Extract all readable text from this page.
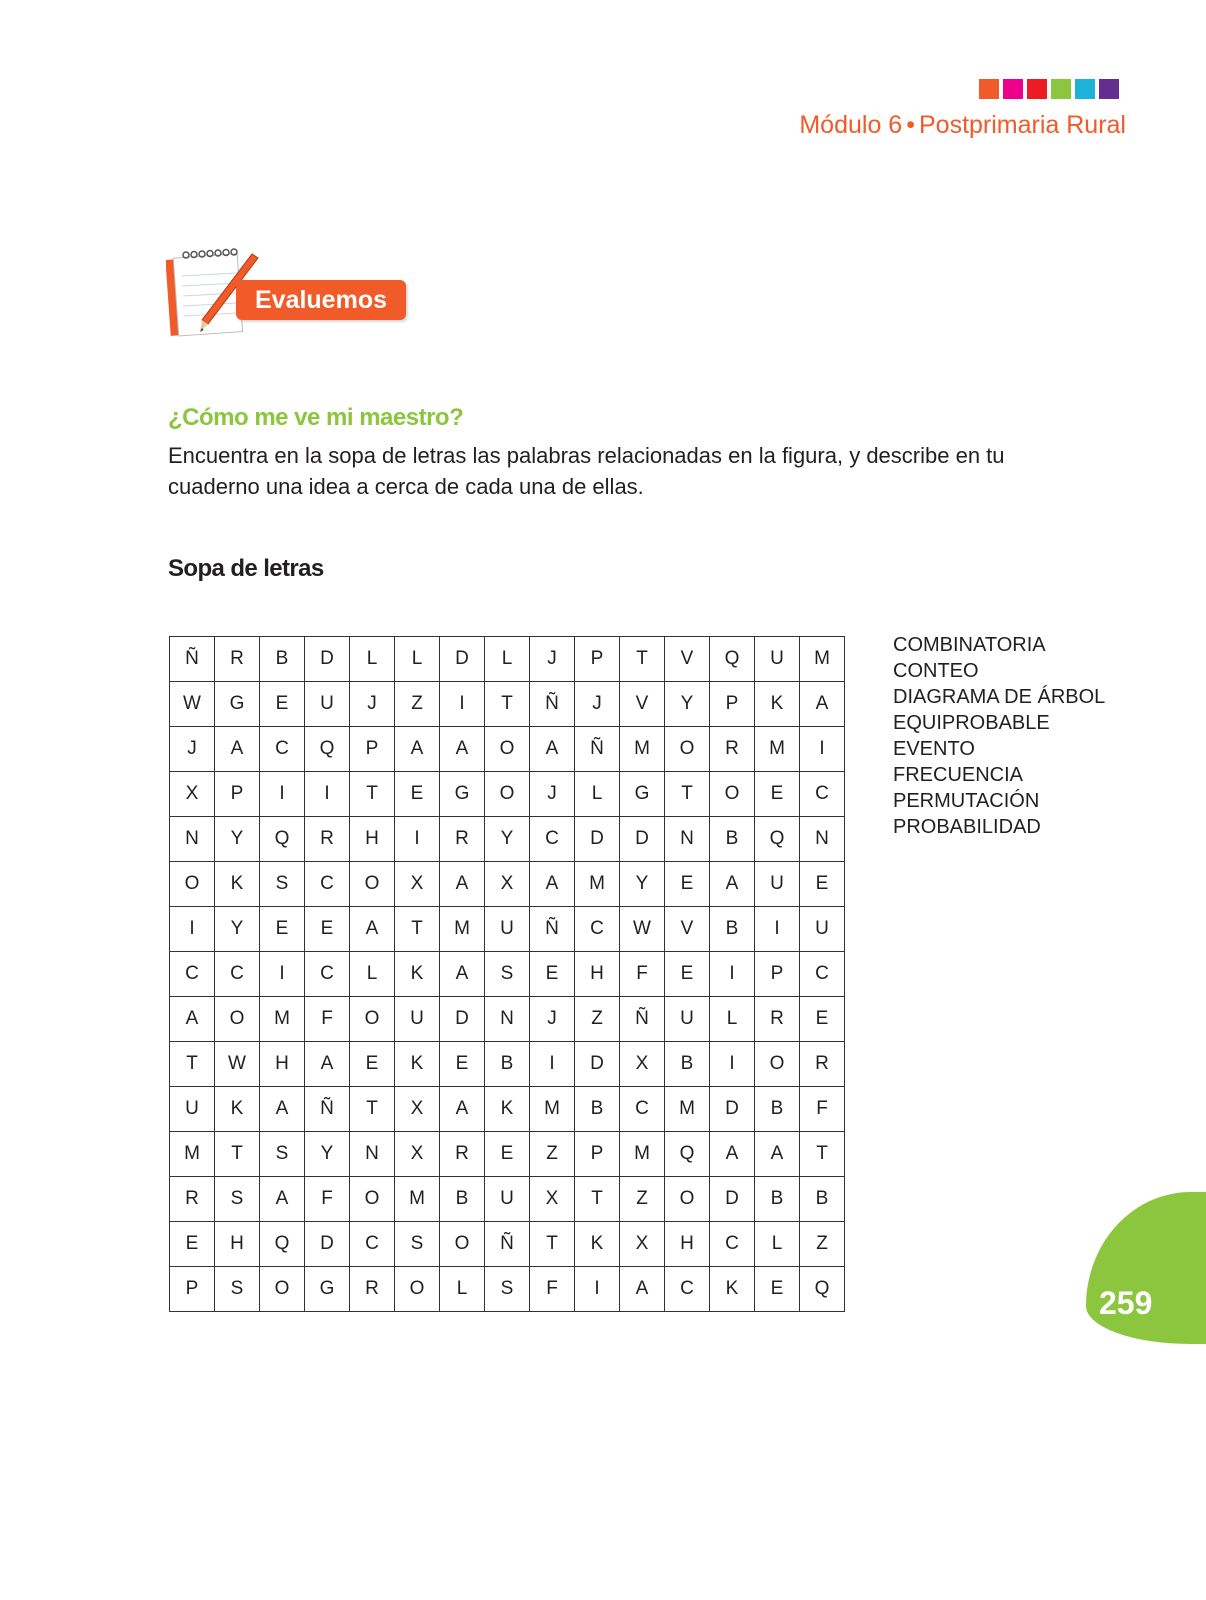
Módulo 6 • Postprimaria Rural
Evaluemos
¿Cómo me ve mi maestro?
Encuentra en la sopa de letras las palabras relacionadas en la figura, y describe en tu cuaderno una idea a cerca de cada una de ellas.
Sopa de letras
Ñ	R	B	D	L	L	D	L	J	P	T	V	Q	U	M
W	G	E	U	J	Z	I	T	Ñ	J	V	Y	P	K	A
J	A	C	Q	P	A	A	O	A	Ñ	M	O	R	M	I
X	P	I	I	T	E	G	O	J	L	G	T	O	E	C
N	Y	Q	R	H	I	R	Y	C	D	D	N	B	Q	N
O	K	S	C	O	X	A	X	A	M	Y	E	A	U	E
I	Y	E	E	A	T	M	U	Ñ	C	W	V	B	I	U
C	C	I	C	L	K	A	S	E	H	F	E	I	P	C
A	O	M	F	O	U	D	N	J	Z	Ñ	U	L	R	E
T	W	H	A	E	K	E	B	I	D	X	B	I	O	R
U	K	A	Ñ	T	X	A	K	M	B	C	M	D	B	F
M	T	S	Y	N	X	R	E	Z	P	M	Q	A	A	T
R	S	A	F	O	M	B	U	X	T	Z	O	D	B	B
E	H	Q	D	C	S	O	Ñ	T	K	X	H	C	L	Z
P	S	O	G	R	O	L	S	F	I	A	C	K	E	Q
COMBINATORIA
CONTEO
DIAGRAMA DE ÁRBOL
EQUIPROBABLE
EVENTO
FRECUENCIA
PERMUTACIÓN
PROBABILIDAD
259
